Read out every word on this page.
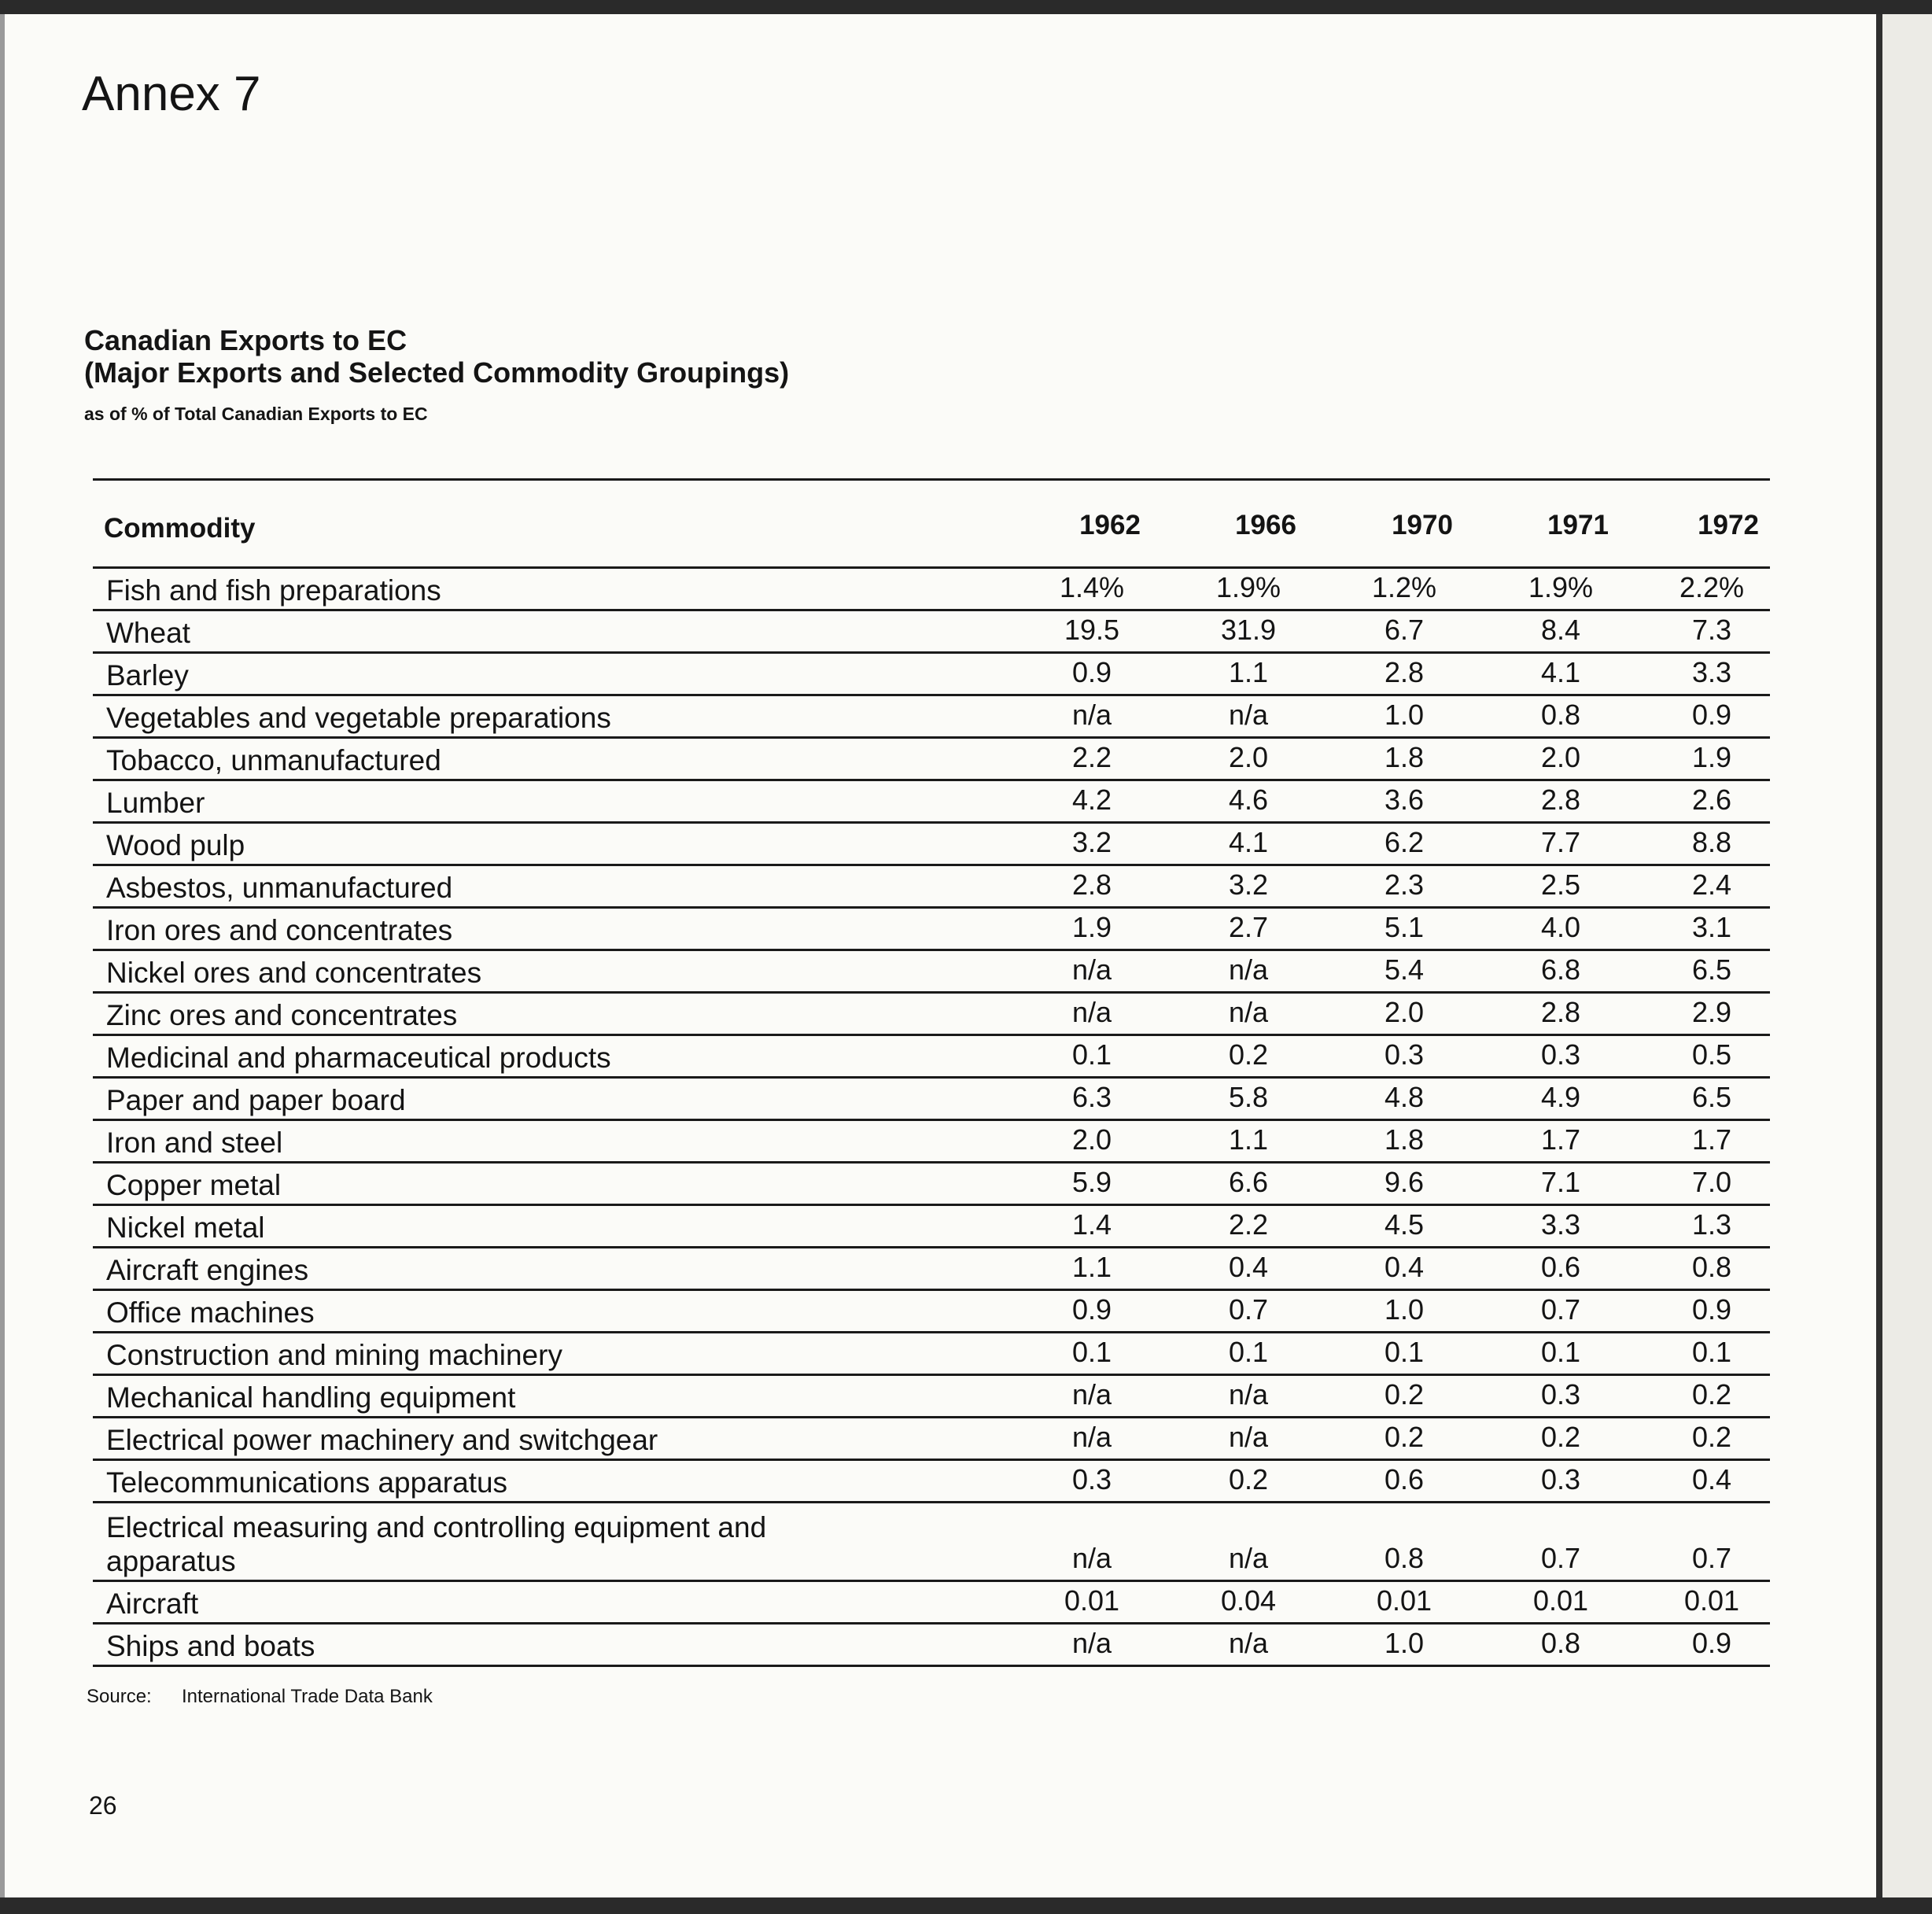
Annex 7
Canadian Exports to EC
(Major Exports and Selected Commodity Groupings)
as of % of Total Canadian Exports to EC
Commodity	1962	1966	1970	1971	1972
Fish and fish preparations	1.4%	1.9%	1.2%	1.9%	2.2%
Wheat	19.5	31.9	6.7	8.4	7.3
Barley	0.9	1.1	2.8	4.1	3.3
Vegetables and vegetable preparations	n/a	n/a	1.0	0.8	0.9
Tobacco, unmanufactured	2.2	2.0	1.8	2.0	1.9
Lumber	4.2	4.6	3.6	2.8	2.6
Wood pulp	3.2	4.1	6.2	7.7	8.8
Asbestos, unmanufactured	2.8	3.2	2.3	2.5	2.4
Iron ores and concentrates	1.9	2.7	5.1	4.0	3.1
Nickel ores and concentrates	n/a	n/a	5.4	6.8	6.5
Zinc ores and concentrates	n/a	n/a	2.0	2.8	2.9
Medicinal and pharmaceutical products	0.1	0.2	0.3	0.3	0.5
Paper and paper board	6.3	5.8	4.8	4.9	6.5
Iron and steel	2.0	1.1	1.8	1.7	1.7
Copper metal	5.9	6.6	9.6	7.1	7.0
Nickel metal	1.4	2.2	4.5	3.3	1.3
Aircraft engines	1.1	0.4	0.4	0.6	0.8
Office machines	0.9	0.7	1.0	0.7	0.9
Construction and mining machinery	0.1	0.1	0.1	0.1	0.1
Mechanical handling equipment	n/a	n/a	0.2	0.3	0.2
Electrical power machinery and switchgear	n/a	n/a	0.2	0.2	0.2
Telecommunications apparatus	0.3	0.2	0.6	0.3	0.4
Electrical measuring and controlling equipment and
apparatus	n/a	n/a	0.8	0.7	0.7
Aircraft	0.01	0.04	0.01	0.01	0.01
Ships and boats	n/a	n/a	1.0	0.8	0.9
Source: International Trade Data Bank
26
